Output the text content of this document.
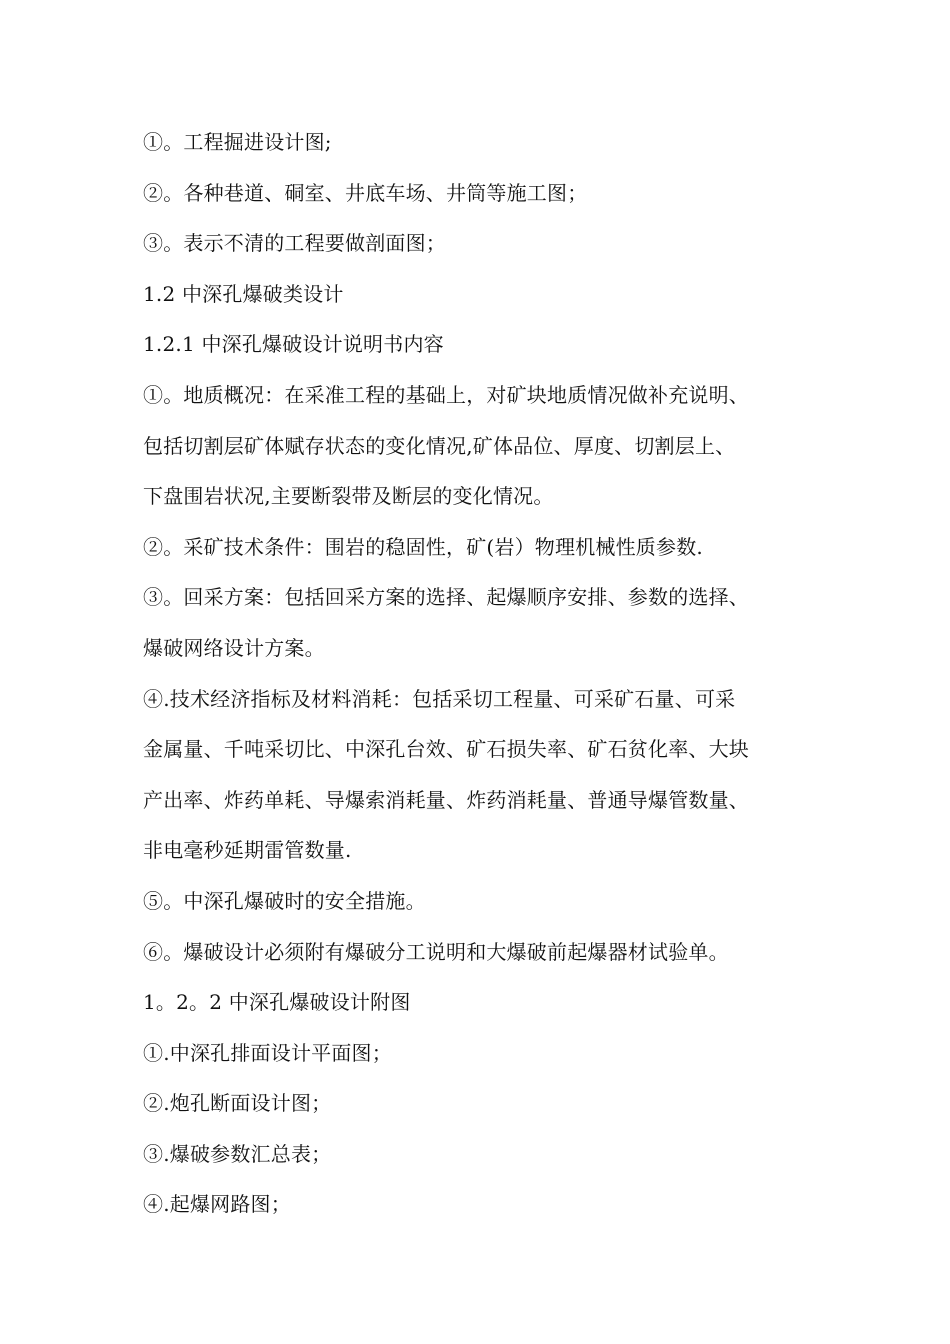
①。工程掘进设计图;
②。各种巷道、硐室、井底车场、井筒等施工图；
③。表示不清的工程要做剖面图；
1.2 中深孔爆破类设计
1.2.1 中深孔爆破设计说明书内容
①。地质概况：在采准工程的基础上，对矿块地质情况做补充说明、
包括切割层矿体赋存状态的变化情况,矿体品位、厚度、切割层上、
下盘围岩状况,主要断裂带及断层的变化情况。
②。采矿技术条件：围岩的稳固性，矿(岩）物理机械性质参数.
③。回采方案：包括回采方案的选择、起爆顺序安排、参数的选择、
爆破网络设计方案。
④.技术经济指标及材料消耗：包括采切工程量、可采矿石量、可采
金属量、千吨采切比、中深孔台效、矿石损失率、矿石贫化率、大块
产出率、炸药单耗、导爆索消耗量、炸药消耗量、普通导爆管数量、
非电毫秒延期雷管数量.
⑤。中深孔爆破时的安全措施。
⑥。爆破设计必须附有爆破分工说明和大爆破前起爆器材试验单。
1。2。2 中深孔爆破设计附图
①.中深孔排面设计平面图；
②.炮孔断面设计图；
③.爆破参数汇总表；
④.起爆网路图；
